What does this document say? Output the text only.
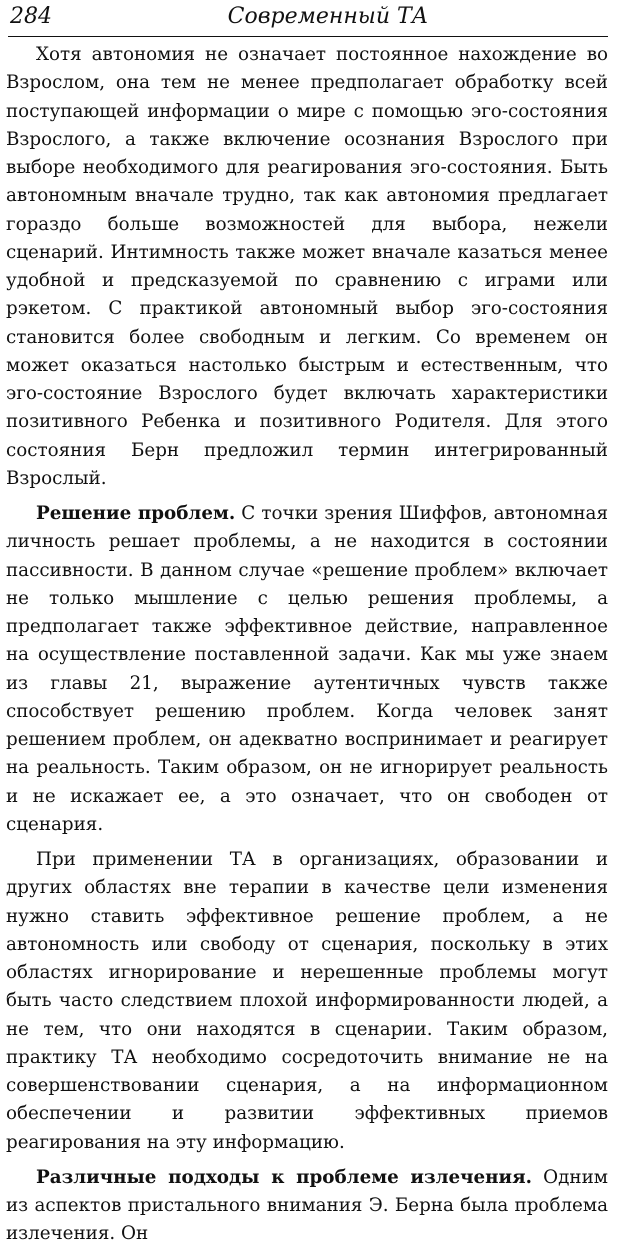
284	Современный ТА

Хотя автономия не означает постоянное нахождение во Взрослом, она тем не менее предполагает обработку всей поступающей информации о мире с помощью эго-состояния Взрослого, а также включение осознания Взрослого при выборе необходимого для реагирования эго-состояния. Быть автономным вначале трудно, так как автономия предлагает гораздо больше возможностей для выбора, нежели сценарий. Интимность также может вначале казаться менее удобной и предсказуемой по сравнению с играми или рэкетом. С практикой автономный выбор эго-состояния становится более свободным и легким. Со временем он может оказаться настолько быстрым и естественным, что эго-состояние Взрослого будет включать характеристики позитивного Ребенка и позитивного Родителя. Для этого состояния Берн предложил термин интегрированный Взрослый.

Решение проблем. С точки зрения Шиффов, автономная личность решает проблемы, а не находится в состоянии пассивности. В данном случае «решение проблем» включает не только мышление с целью решения проблемы, а предполагает также эффективное действие, направленное на осуществление поставленной задачи. Как мы уже знаем из главы 21, выражение аутентичных чувств также способствует решению проблем. Когда человек занят решением проблем, он адекватно воспринимает и реагирует на реальность. Таким образом, он не игнорирует реальность и не искажает ее, а это означает, что он свободен от сценария.

При применении ТА в организациях, образовании и других областях вне терапии в качестве цели изменения нужно ставить эффективное решение проблем, а не автономность или свободу от сценария, поскольку в этих областях игнорирование и нерешенные проблемы могут быть часто следствием плохой информированности людей, а не тем, что они находятся в сценарии. Таким образом, практику ТА необходимо сосредоточить внимание не на совершенствовании сценария, а на информационном обеспечении и развитии эффективных приемов реагирования на эту информацию.

Различные подходы к проблеме излечения. Одним из аспектов пристального внимания Э. Берна была проблема излечения. Он
